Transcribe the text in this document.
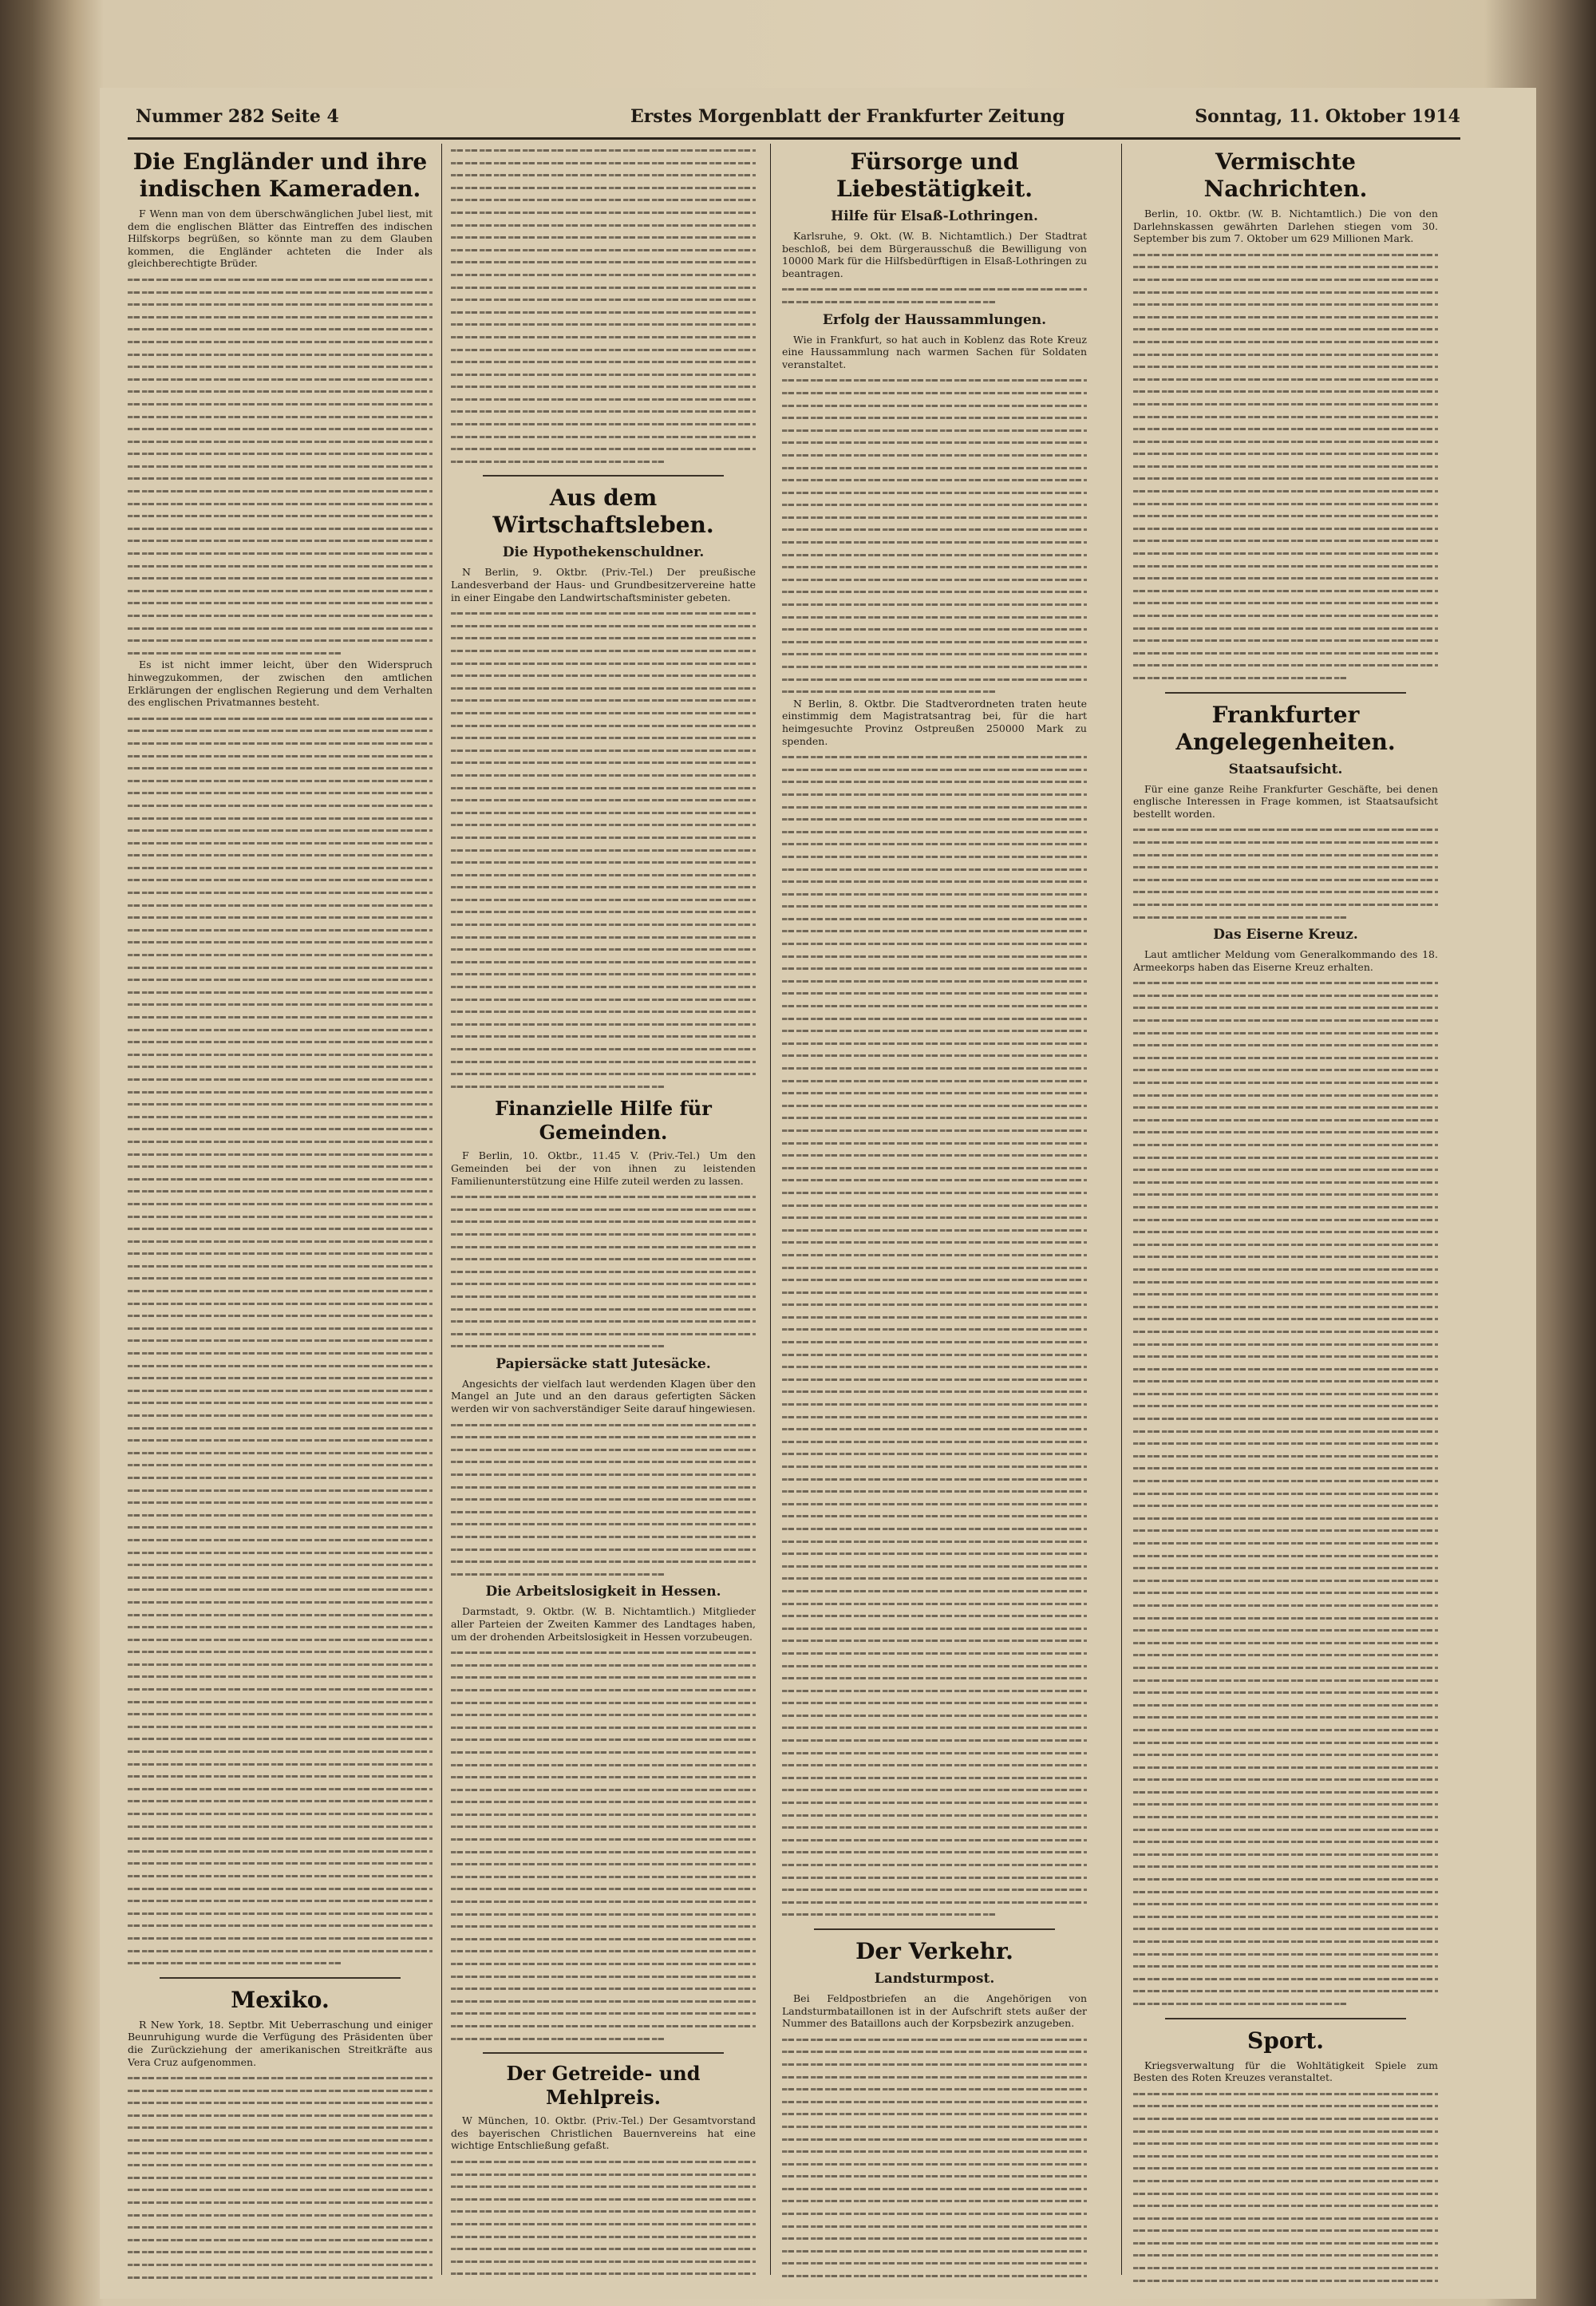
Nummer 282 Seite 4	Erstes Morgenblatt der Frankfurter Zeitung	Sonntag, 11. Oktober 1914
Die Engländer und ihre indischen Kameraden.
F Wenn man von dem überschwänglichen Jubel liest, mit dem die englischen Blätter das Eintreffen des indischen Hilfskorps begrüßen, so könnte man zu dem Glauben kommen, die Engländer achteten die Inder als gleichberechtigte Brüder.
Es ist nicht immer leicht, über den Widerspruch hinwegzukommen, der zwischen den amtlichen Erklärungen der englischen Regierung und dem Verhalten des englischen Privatmannes besteht.
Mexiko.
R New York, 18. Septbr. Mit Ueberraschung und einiger Beunruhigung wurde die Verfügung des Präsidenten über die Zurückziehung der amerikanischen Streitkräfte aus Vera Cruz aufgenommen.
Aus dem Wirtschaftsleben.
Die Hypothekenschuldner.
N Berlin, 9. Oktbr. (Priv.-Tel.) Der preußische Landesverband der Haus- und Grundbesitzervereine hatte in einer Eingabe den Landwirtschaftsminister gebeten.
Finanzielle Hilfe für Gemeinden.
F Berlin, 10. Oktbr., 11.45 V. (Priv.-Tel.) Um den Gemeinden bei der von ihnen zu leistenden Familienunterstützung eine Hilfe zuteil werden zu lassen.
Papiersäcke statt Jutesäcke.
Angesichts der vielfach laut werdenden Klagen über den Mangel an Jute und an den daraus gefertigten Säcken werden wir von sachverständiger Seite darauf hingewiesen.
Die Arbeitslosigkeit in Hessen.
Darmstadt, 9. Oktbr. (W. B. Nichtamtlich.) Mitglieder aller Parteien der Zweiten Kammer des Landtages haben, um der drohenden Arbeitslosigkeit in Hessen vorzubeugen.
Der Getreide- und Mehlpreis.
W München, 10. Oktbr. (Priv.-Tel.) Der Gesamtvorstand des bayerischen Christlichen Bauernvereins hat eine wichtige Entschließung gefaßt.
Fürsorge und Liebestätigkeit.
Hilfe für Elsaß-Lothringen.
Karlsruhe, 9. Okt. (W. B. Nichtamtlich.) Der Stadtrat beschloß, bei dem Bürgerausschuß die Bewilligung von 10000 Mark für die Hilfsbedürftigen in Elsaß-Lothringen zu beantragen.
Erfolg der Haussammlungen.
Wie in Frankfurt, so hat auch in Koblenz das Rote Kreuz eine Haussammlung nach warmen Sachen für Soldaten veranstaltet.
N Berlin, 8. Oktbr. Die Stadtverordneten traten heute einstimmig dem Magistratsantrag bei, für die hart heimgesuchte Provinz Ostpreußen 250000 Mark zu spenden.
Der Verkehr.
Landsturmpost.
Bei Feldpostbriefen an die Angehörigen von Landsturmbataillonen ist in der Aufschrift stets außer der Nummer des Bataillons auch der Korpsbezirk anzugeben.
Vermischte Nachrichten.
Berlin, 10. Oktbr. (W. B. Nichtamtlich.) Die von den Darlehnskassen gewährten Darlehen stiegen vom 30. September bis zum 7. Oktober um 629 Millionen Mark.
Frankfurter Angelegenheiten.
Staatsaufsicht.
Für eine ganze Reihe Frankfurter Geschäfte, bei denen englische Interessen in Frage kommen, ist Staatsaufsicht bestellt worden.
Das Eiserne Kreuz.
Laut amtlicher Meldung vom Generalkommando des 18. Armeekorps haben das Eiserne Kreuz erhalten.
Sport.
Kriegsverwaltung für die Wohltätigkeit Spiele zum Besten des Roten Kreuzes veranstaltet.
